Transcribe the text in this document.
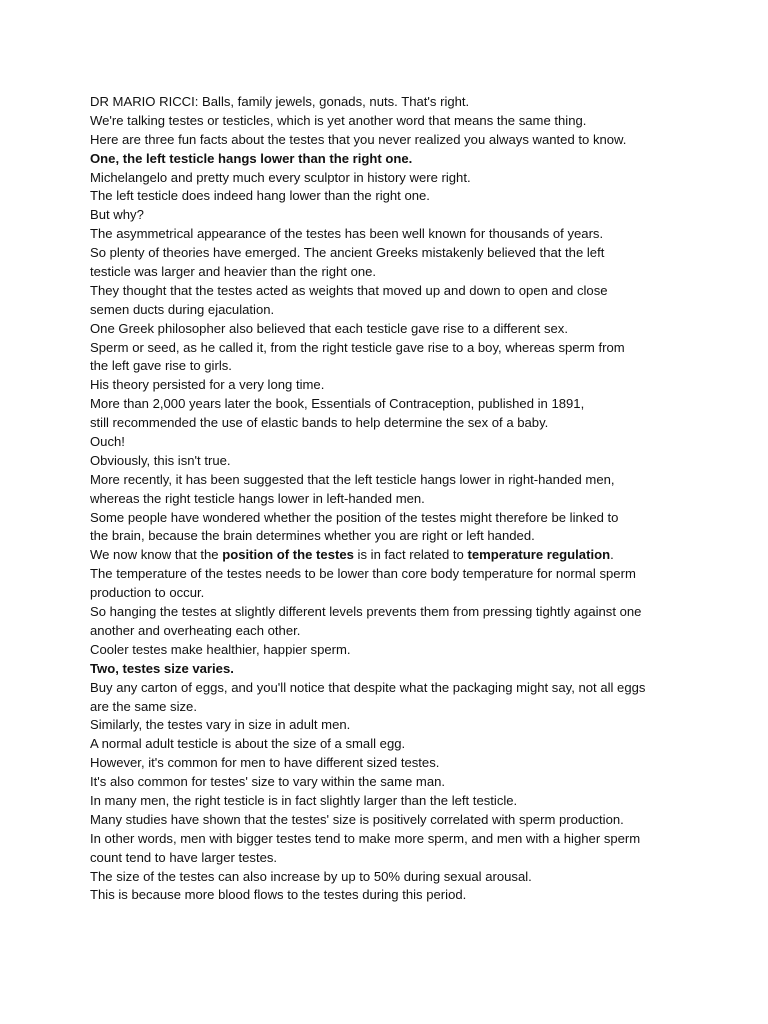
DR MARIO RICCI: Balls, family jewels, gonads, nuts. That's right.
We're talking testes or testicles, which is yet another word that means the same thing.
Here are three fun facts about the testes that you never realized you always wanted to know.
One, the left testicle hangs lower than the right one.
Michelangelo and pretty much every sculptor in history were right.
The left testicle does indeed hang lower than the right one.
But why?
The asymmetrical appearance of the testes has been well known for thousands of years.
So plenty of theories have emerged. The ancient Greeks mistakenly believed that the left
testicle was larger and heavier than the right one.
They thought that the testes acted as weights that moved up and down to open and close
semen ducts during ejaculation.
One Greek philosopher also believed that each testicle gave rise to a different sex.
Sperm or seed, as he called it, from the right testicle gave rise to a boy, whereas sperm from
the left gave rise to girls.
His theory persisted for a very long time.
More than 2,000 years later the book, Essentials of Contraception, published in 1891,
still recommended the use of elastic bands to help determine the sex of a baby.
Ouch!
Obviously, this isn't true.
More recently, it has been suggested that the left testicle hangs lower in right-handed men,
whereas the right testicle hangs lower in left-handed men.
Some people have wondered whether the position of the testes might therefore be linked to
the brain, because the brain determines whether you are right or left handed.
We now know that the position of the testes is in fact related to temperature regulation.
The temperature of the testes needs to be lower than core body temperature for normal sperm
production to occur.
So hanging the testes at slightly different levels prevents them from pressing tightly against one
another and overheating each other.
Cooler testes make healthier, happier sperm.
Two, testes size varies.
Buy any carton of eggs, and you'll notice that despite what the packaging might say, not all eggs
are the same size.
Similarly, the testes vary in size in adult men.
A normal adult testicle is about the size of a small egg.
However, it's common for men to have different sized testes.
It's also common for testes' size to vary within the same man.
In many men, the right testicle is in fact slightly larger than the left testicle.
Many studies have shown that the testes' size is positively correlated with sperm production.
In other words, men with bigger testes tend to make more sperm, and men with a higher sperm
count tend to have larger testes.
The size of the testes can also increase by up to 50% during sexual arousal.
This is because more blood flows to the testes during this period.
